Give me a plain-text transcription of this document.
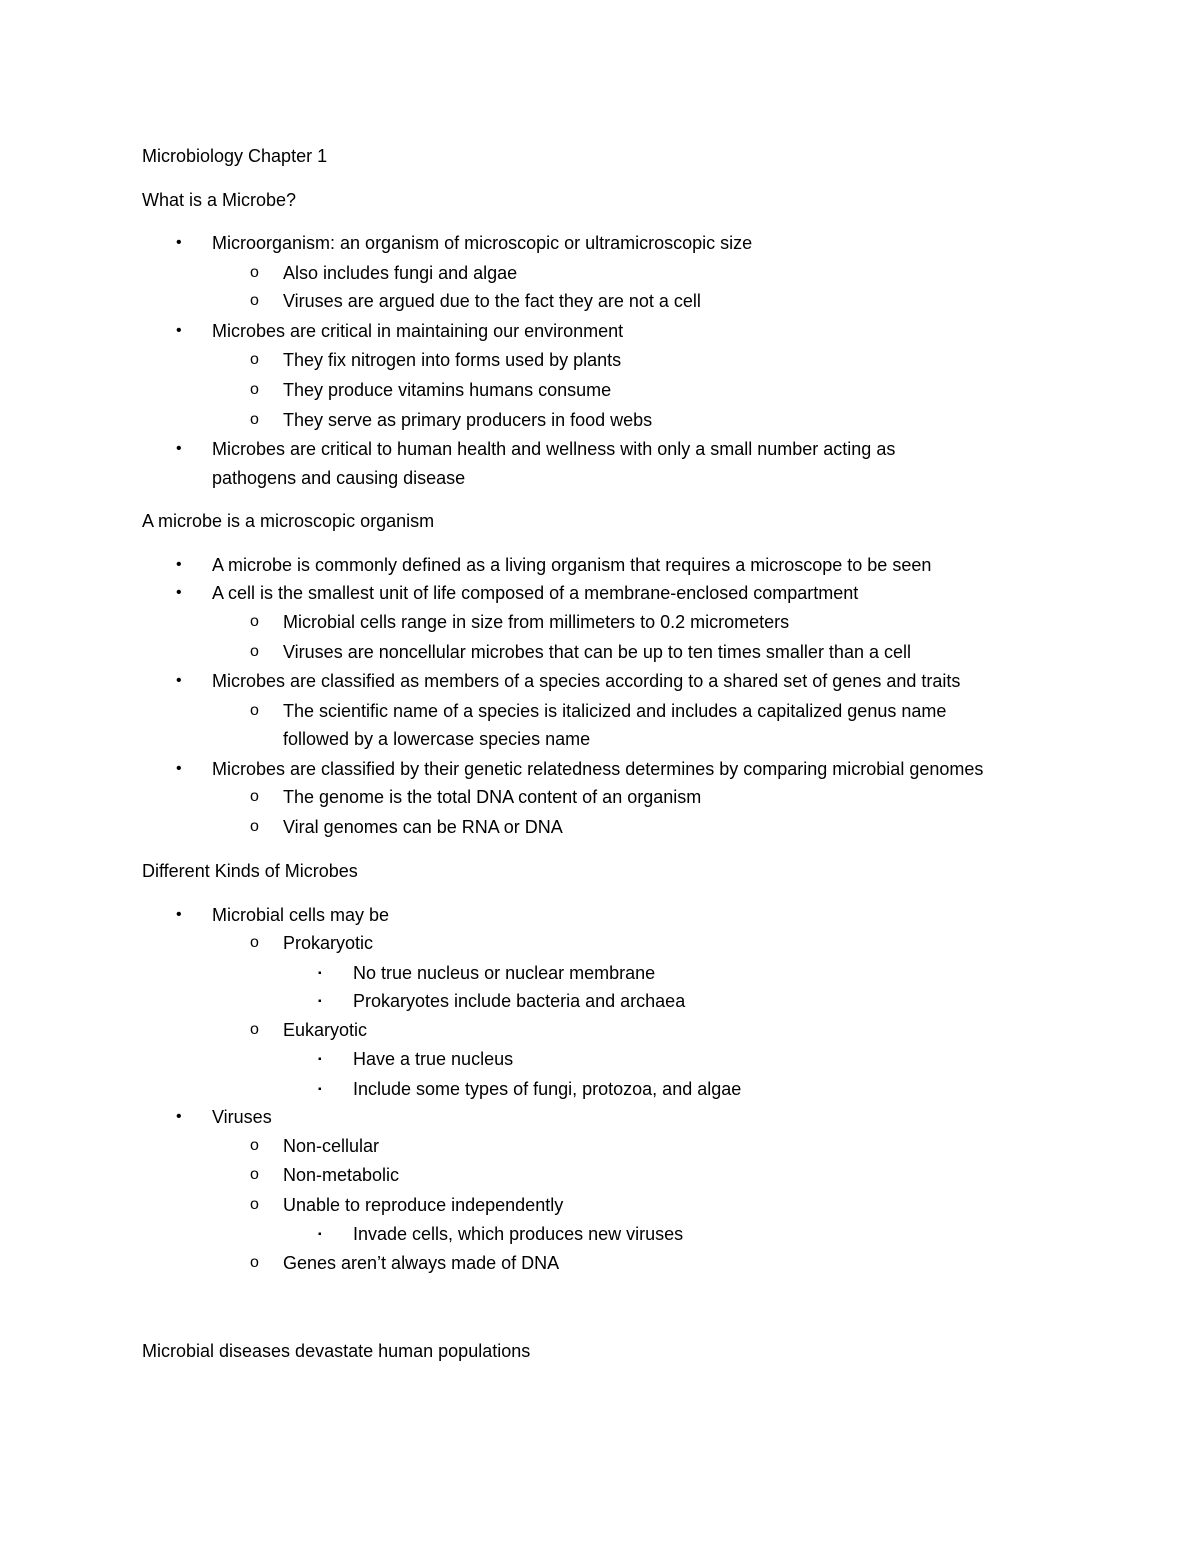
Microbiology Chapter 1
What is a Microbe?
• Microorganism: an organism of microscopic or ultramicroscopic size
o Also includes fungi and algae
o Viruses are argued due to the fact they are not a cell
• Microbes are critical in maintaining our environment
o They fix nitrogen into forms used by plants
o They produce vitamins humans consume
o They serve as primary producers in food webs
• Microbes are critical to human health and wellness with only a small number acting as
pathogens and causing disease
A microbe is a microscopic organism
• A microbe is commonly defined as a living organism that requires a microscope to be seen
• A cell is the smallest unit of life composed of a membrane-enclosed compartment
o Microbial cells range in size from millimeters to 0.2 micrometers
o Viruses are noncellular microbes that can be up to ten times smaller than a cell
• Microbes are classified as members of a species according to a shared set of genes and traits
o The scientific name of a species is italicized and includes a capitalized genus name
followed by a lowercase species name
• Microbes are classified by their genetic relatedness determines by comparing microbial genomes
o The genome is the total DNA content of an organism
o Viral genomes can be RNA or DNA
Different Kinds of Microbes
• Microbial cells may be
o Prokaryotic
▪ No true nucleus or nuclear membrane
▪ Prokaryotes include bacteria and archaea
o Eukaryotic
▪ Have a true nucleus
▪ Include some types of fungi, protozoa, and algae
• Viruses
o Non-cellular
o Non-metabolic
o Unable to reproduce independently
▪ Invade cells, which produces new viruses
o Genes aren’t always made of DNA
Microbial diseases devastate human populations
